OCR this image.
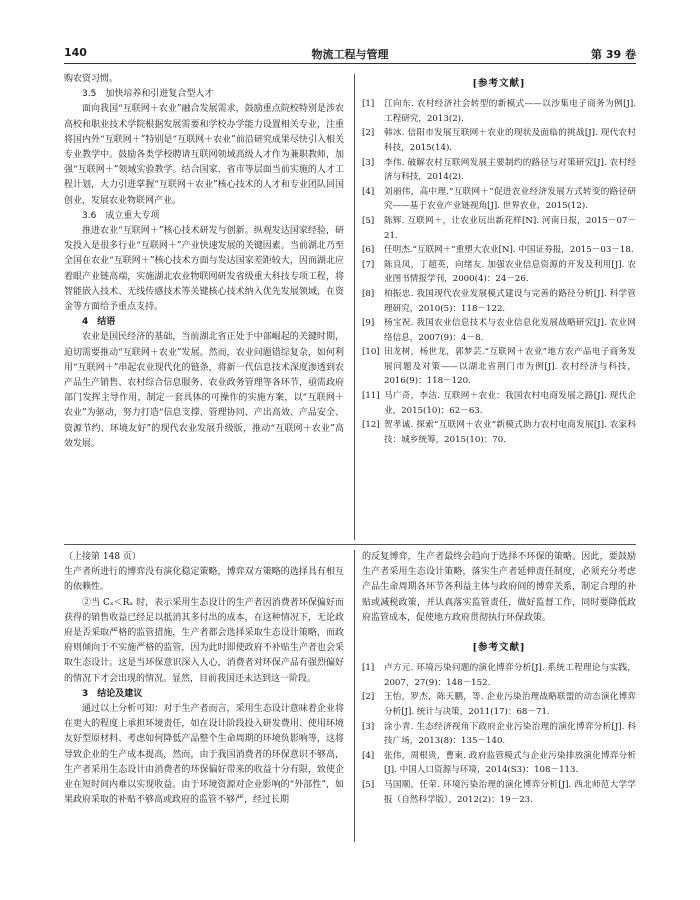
140	物流工程与管理	第 39 卷

购农资习惯。

3.5　加快培养和引进复合型人才

面向我国“互联网＋农业”融合发展需求，鼓励重点院校特别是涉农高校和职业技术学院根据发展需要和学校办学能力设置相关专业，注重将国内外“互联网＋”特别是“互联网＋农业”前沿研究成果尽快引入相关专业教学中。鼓励各类学校聘请互联网领域高级人才作为兼职教师，加强“互联网＋”领域实验教学。结合国家、省市等层面当前实施的人才工程计划，大力引进掌握“互联网＋农业”核心技术的人才和专业团队回国创业，发展农业物联网产业。

3.6　成立重大专项

推进农业“互联网＋”核心技术研发与创新。纵观发达国家经验，研发投入是很多行业“互联网＋”产业快速发展的关键因素。当前湖北乃至全国在农业“互联网＋”核心技术方面与发达国家差距较大，因而湖北应着眼产业链高端，实施湖北农业物联网研发省级重大科技专项工程，将智能嵌入技术、无线传感技术等关键核心技术纳入优先发展领域，在资金等方面给予重点支持。

4　结语

农业是国民经济的基础，当前湖北省正处于中部崛起的关键时期，迫切需要推动“互联网＋农业”发展。然而，农业问题错综复杂，如何利用“互联网＋”串起农业现代化的链条，将新一代信息技术深度渗透到农产品生产销售、农村综合信息服务、农业政务管理等各环节，亟需政府部门发挥主导作用，制定一套具体的可操作的实施方案，以“互联网＋农业”为驱动，努力打造“信息支撑、管理协同、产出高效、产品安全、资源节约、环境友好”的现代农业发展升级版，推动“互联网＋农业”高效发展。

[ 参考文献 ]
[1]	江向东. 农村经济社会转型的新模式——以沙集电子商务为例[J]. 工程研究，2013(2).
[2]	韩冰. 信阳市发展互联网＋农业的现状及面临的挑战[J]. 现代农村科技，2015(14).
[3]	李伟. 破解农村互联网发展主要制约的路径与对策研究[J]. 农村经济与科技，2014(2).
[4]	刘丽伟，高中理.“互联网＋”促进农业经济发展方式转变的路径研究——基于农业产业链视角[J]. 世界农业，2015(12).
[5]	陈辉. 互联网＋，让农业玩出新花样[N]. 河南日报，2015－07－21.
[6]	任明杰.“互联网＋”重塑大农业[N]. 中国证券报，2015－03－18.
[7]	陈良凤，丁超英，向绪友. 加强农业信息资源的开发及利用[J]. 农业图书情报学刊，2000(4)：24－26.
[8]	柏振忠. 我国现代农业发展模式建设与完善的路径分析[J]. 科学管理研究，2010(5)：118－122.
[9]	杨宝祝. 我国农业信息技术与农业信息化发展战略研究[J]. 农业网络信息，2007(9)：4－8.
[10] 田龙树，杨世龙，郭梦芸.“互联网＋农业”地方农产品电子商务发展问题及对策——以湖北省荆门市为例[J]. 农村经济与科技，2016(9)：118－120.
[11] 马广奇，李洁. 互联网＋农业：我国农村电商发展之路[J]. 现代企业，2015(10)：62－63.
[12] 贺孝诚. 探索“互联网＋农业”新模式助力农村电商发展[J]. 农家科技：城乡统筹，2015(10)：70.

（上接第 148 页）

生产者所进行的博弈没有演化稳定策略，博弈双方策略的选择具有相互的依赖性。

②当 Cₓ＜Rₓ 时，表示采用生态设计的生产者因消费者环保偏好而获得的销售收益已经足以抵消其多付出的成本，在这种情况下，无论政府是否采取严格的监管措施，生产者都会选择采取生态设计策略，而政府则倾向于不实施严格的监管，因为此时即使政府不补贴生产者也会采取生态设计。这是当环保意识深入人心，消费者对环保产品有强烈偏好的情况下才会出现的情况。显然，目前我国还未达到这一阶段。

3　结论及建议

通过以上分析可知：对于生产者而言，采用生态设计意味着企业将在更大的程度上承担环境责任，如在设计阶段投入研发费用、使用环境友好型原材料、考虑如何降低产品整个生命周期的环境负影响等，这将导致企业的生产成本提高，然而，由于我国消费者的环保意识不够高，生产者采用生态设计由消费者的环保偏好带来的收益十分有限，致使企业在短时间内难以实现收益。由于环境资源对企业影响的“外部性”，如果政府采取的补贴不够高或政府的监管不够严，经过长期

的反复博弈，生产者最终会趋向于选择不环保的策略。因此，要鼓励生产者采用生态设计策略，落实生产者延伸责任制度，必须充分考虑产品生命周期各环节各利益主体与政府间的博弈关系，制定合理的补贴或减税政策，并认真落实监管责任，做好监督工作，同时要降低政府监管成本，促使地方政府贯彻执行环保政策。

[ 参考文献 ]
[1]	卢方元. 环境污染问题的演化博弈分析[J]. 系统工程理论与实践，2007，27(9)：148－152.
[2]	王怡，罗杰，陈天鹏，等. 企业污染治理战略联盟的动态演化博弈分析[J]. 统计与决策，2011(17)：68－71.
[3]	涂小青. 生态经济视角下政府企业污染治理的演化博弈分析[J]. 科技广场，2013(8)：135－140.
[4]	张伟，周根贵，曹柬. 政府监管模式与企业污染排放演化博弈分析[J]. 中国人口资源与环境，2014(S3)：108－113.
[5]	马国顺，任荣. 环境污染治理的演化博弈分析[J]. 西北师范大学学报（自然科学版），2012(2)：19－23.
